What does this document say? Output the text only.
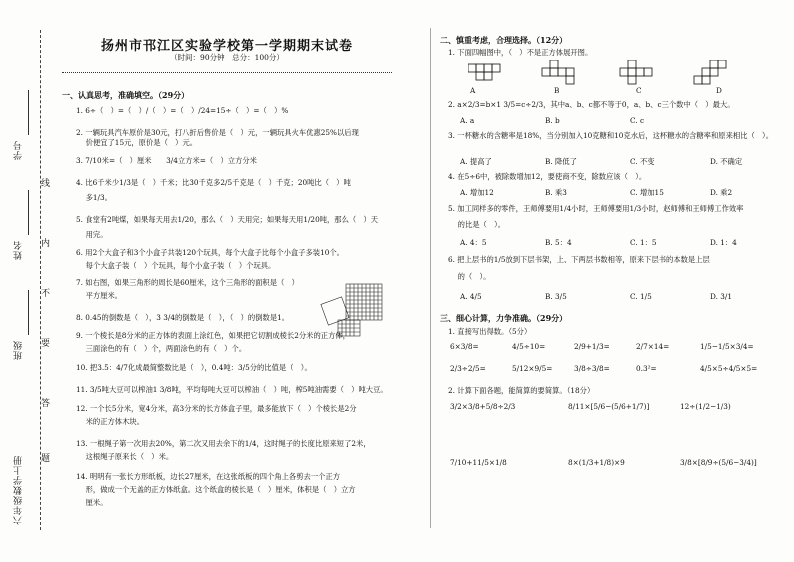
学号
姓名
班级
六年级数学上册
线
内
不
要
答
题
扬州市邗江区实验学校第一学期期末试卷
（时间：90分钟　总分：100分）
一、认真思考，准确填空。（29分）
1. 6÷（　）=（　）/（　）=（　）/24=15÷（　）=（　）%
2. 一辆玩具汽车原价是30元，打八折后售价是（　）元，一辆玩具火车优惠25%以后现
　 价便宜了15元，原价是（　）元。
3. 7/10米=（　）厘米　　3/4立方米=（　）立方分米
4. 比6千米少1/3是（　）千米；比30千克多2/5千克是（　）千克；20吨比（　）吨
　 多1/3。
5. 食堂有2吨煤，如果每天用去1/20，那么（　）天用完；如果每天用1/20吨，那么（　）天
　 用完。
6. 用2个大盒子和3个小盒子共装120个玩具，每个大盒子比每个小盒子多装10个。
　 每个大盒子装（　）个玩具，每个小盒子装（　）个玩具。
7. 如右图，如果三角形的周长是60厘米，这个三角形的面积是（　）
　 平方厘米。
8. 0.45的倒数是（　），3 3/4的倒数是（　），（　）的倒数是1。
9. 一个棱长是8分米的正方体的表面上涂红色，如果把它切割成棱长2分米的正方体，
　 三面涂色的有（　）个，两面涂色的有（　）个。
10. 把3.5：4/7化成最简整数比是（　），0.4吨：3/5分的比值是（　）。
11. 3/5吨大豆可以榨油1 3/8吨，平均每吨大豆可以榨油（　）吨，榨5吨油需要（　）吨大豆。
12. 一个长5分米，宽4分米，高3分米的长方体盒子里，最多能放下（　）个棱长是2分
　 米的正方体木块。
13. 一根绳子第一次用去20%，第二次又用去余下的1/4，这时绳子的长度比原来短了2米，
　 这根绳子原来长（　）米。
14. 明明有一张长方形纸板，边长27厘米，在这张纸板的四个角上各剪去一个正方
　 形，做成一个无盖的正方体纸盒。这个纸盒的棱长是（　）厘米，体积是（　）立方
　 厘米。
二、慎重考虑，合理选择。（12分）
1. 下面四幅图中，（　）不是正方体展开图。
A	B	C	D
2. a×2/3=b×1 3/5=c÷2/3，其中a、b、c都不等于0，a、b、c三个数中（　）最大。
A. a	B. b	C. c
3. 一杯糖水的含糖率是18%，当分别加入10克糖和10克水后，这杯糖水的含糖率和原来相比（　）。
A. 提高了	B. 降低了	C. 不变	D. 不确定
4. 在5÷6中，被除数增加12，要使商不变，除数应该（　）。
A. 增加12	B. 乘3	C. 增加15	D. 乘2
5. 加工同样多的零件，王师傅要用1/4小时，王师傅要用1/3小时，赵师傅和王师傅工作效率
　 的比是（　）。
A. 4：5	B. 5：4	C. 1：5	D. 1：4
6. 把上层书的1/5放到下层书架，上、下两层书数相等，原来下层书的本数是上层
　 的（　）。
A. 4/5	B. 3/5	C. 1/5	D. 3/1
三、细心计算，力争准确。（29分）
1. 直接写出得数。（5分）
6×3/8=	4/5÷10=	2/9+1/3=	2/7×14=	1/5−1/5×3/4=
2/3÷2/5=	5/12×9/5=	3/8÷3/8=	0.3²=	4/5×5÷4/5×5=
2. 计算下面各题，能简算的要简算。（18分）
3/2×3/8+5/8÷2/3	8/11×[5/6−(5/6+1/7)]	12÷(1/2−1/3)
7/10+11/5×1/8	8×(1/3+1/8)×9	3/8×[8/9÷(5/6−3/4)]
